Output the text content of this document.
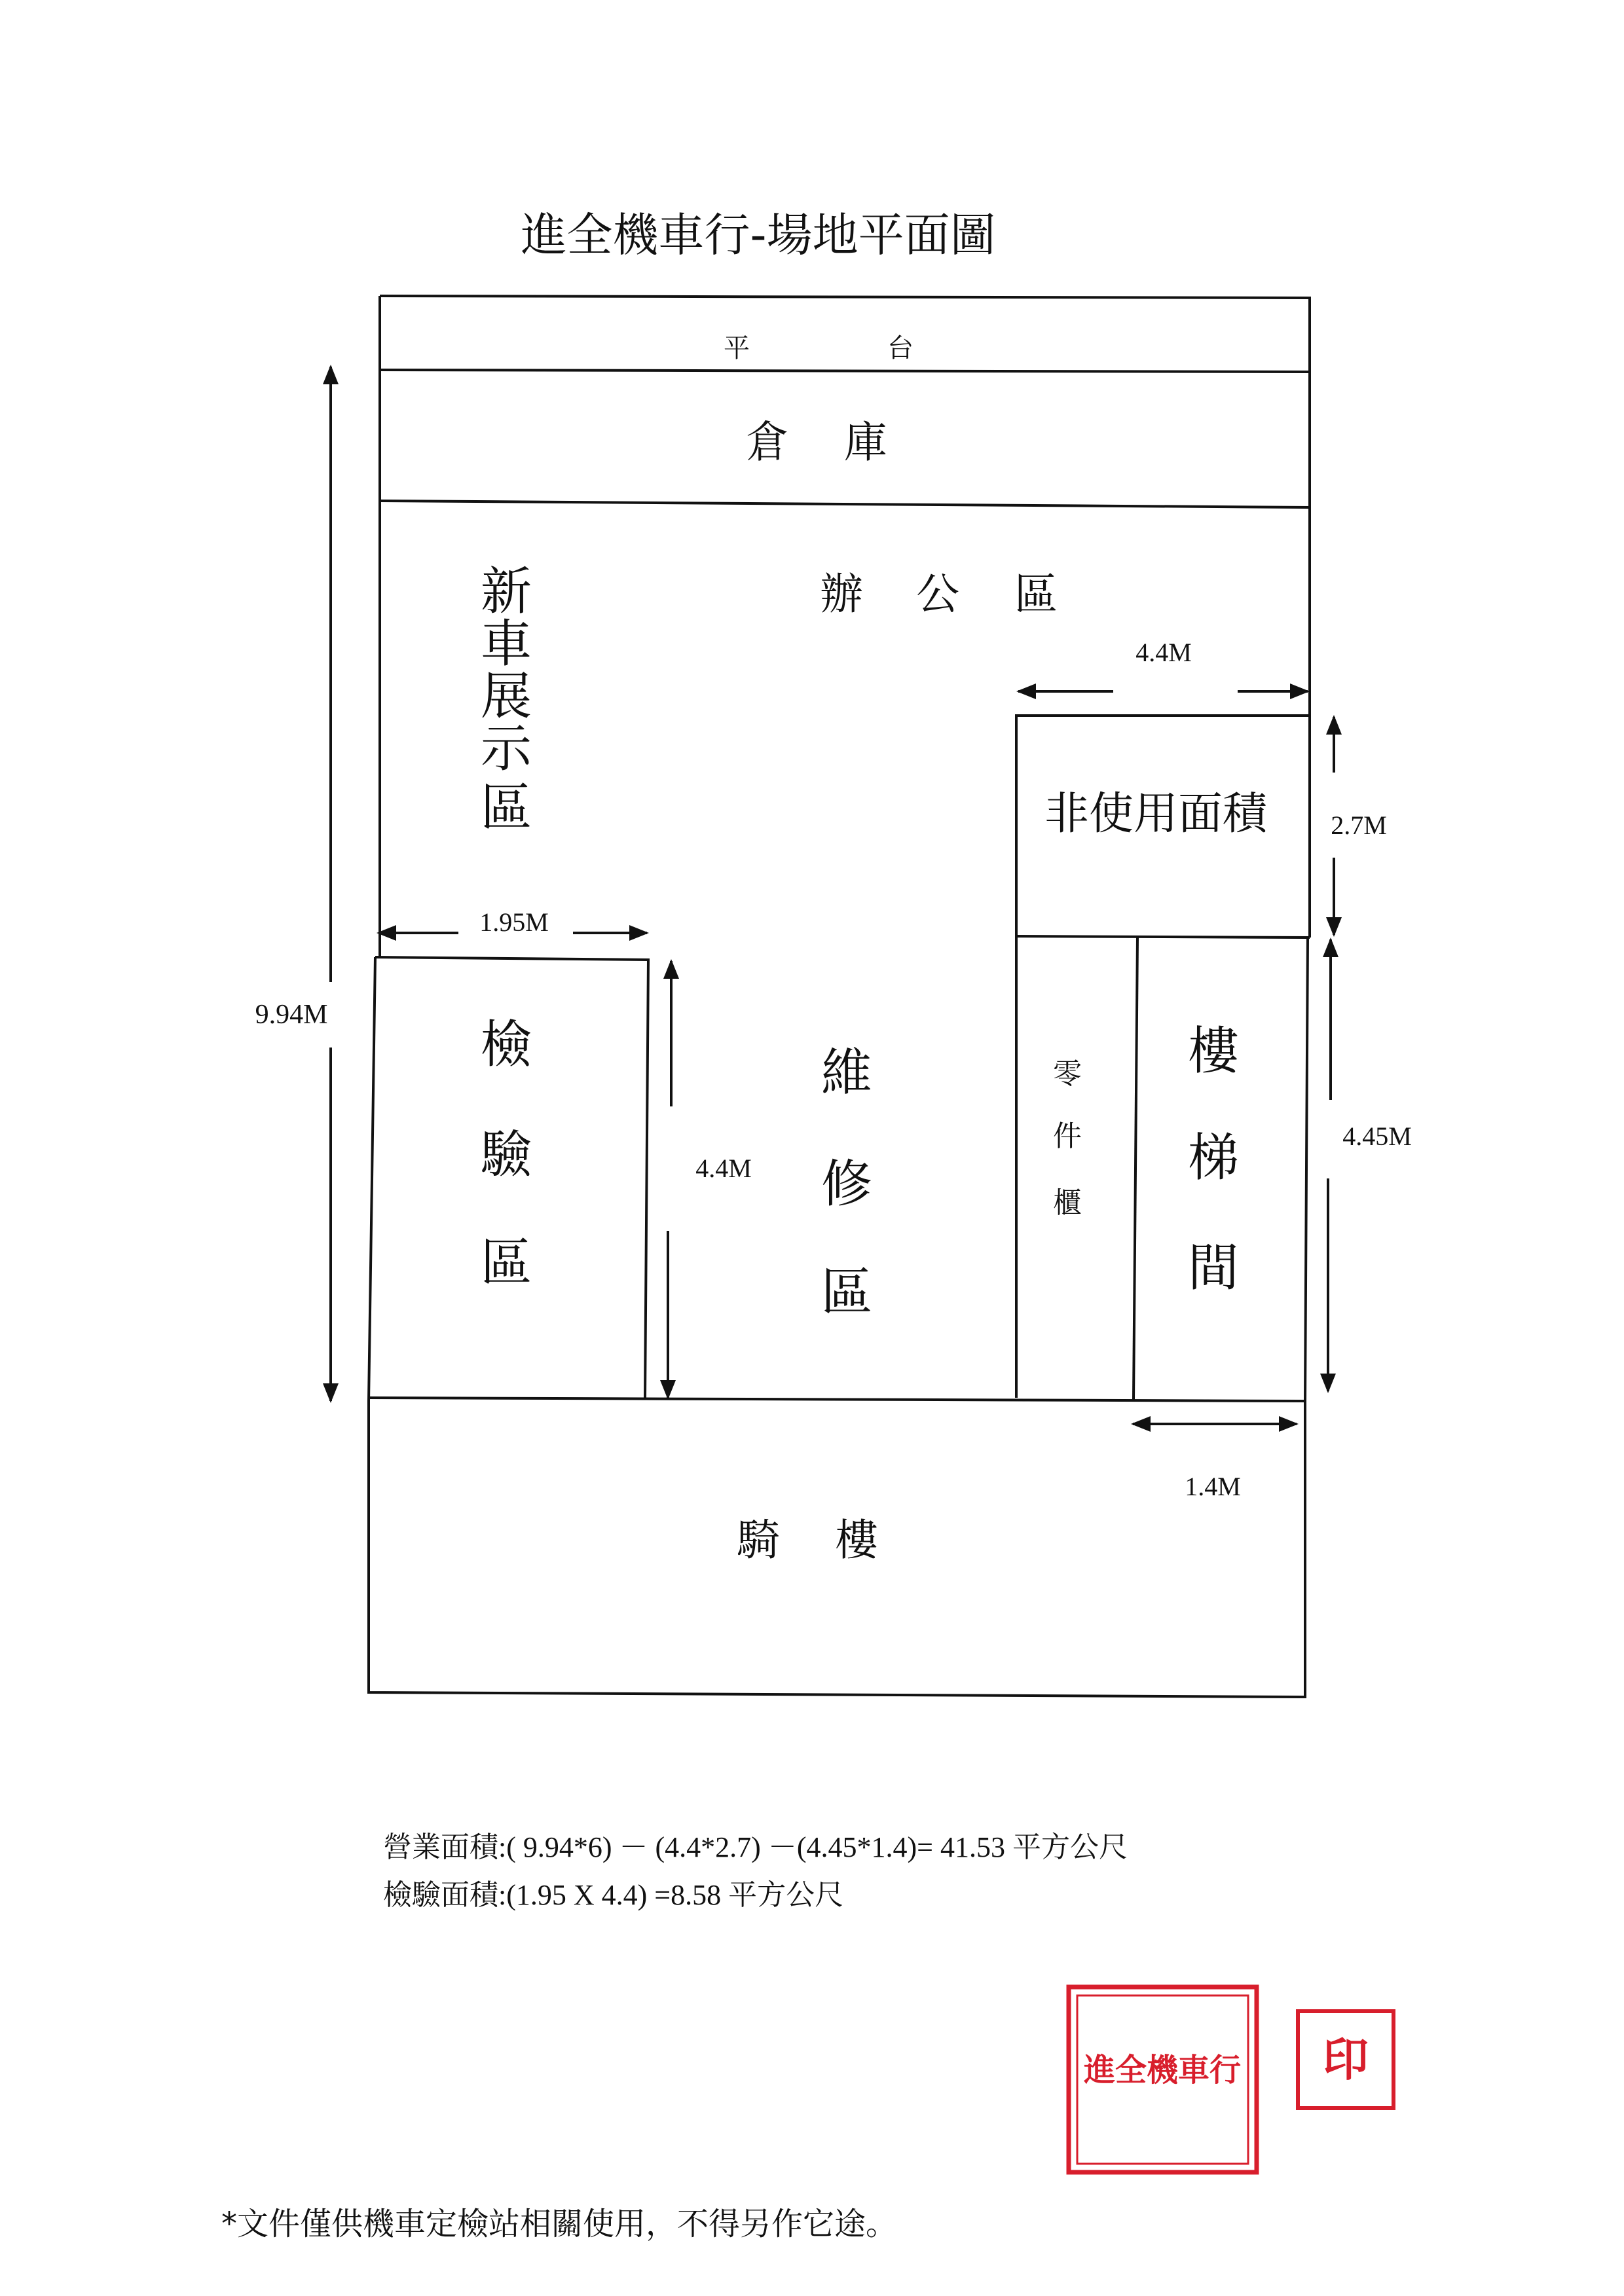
進全機車行-場地平面圖
9.94M
4.4M
2.7M
1.95M
4.4M
4.45M
1.4M
平	台
倉 庫
辦 公 區
新
車
展
示
區	非使用面積
檢
驗
區
維
修
區
零
件
櫃
樓
梯
間
騎 樓
進全機車行 印
營業面積:( 9.94*6) － (4.4*2.7) －(4.45*1.4)= 41.53 平方公尺
檢驗面積:(1.95 X 4.4) =8.58 平方公尺
*文件僅供機車定檢站相關使用，不得另作它途。
